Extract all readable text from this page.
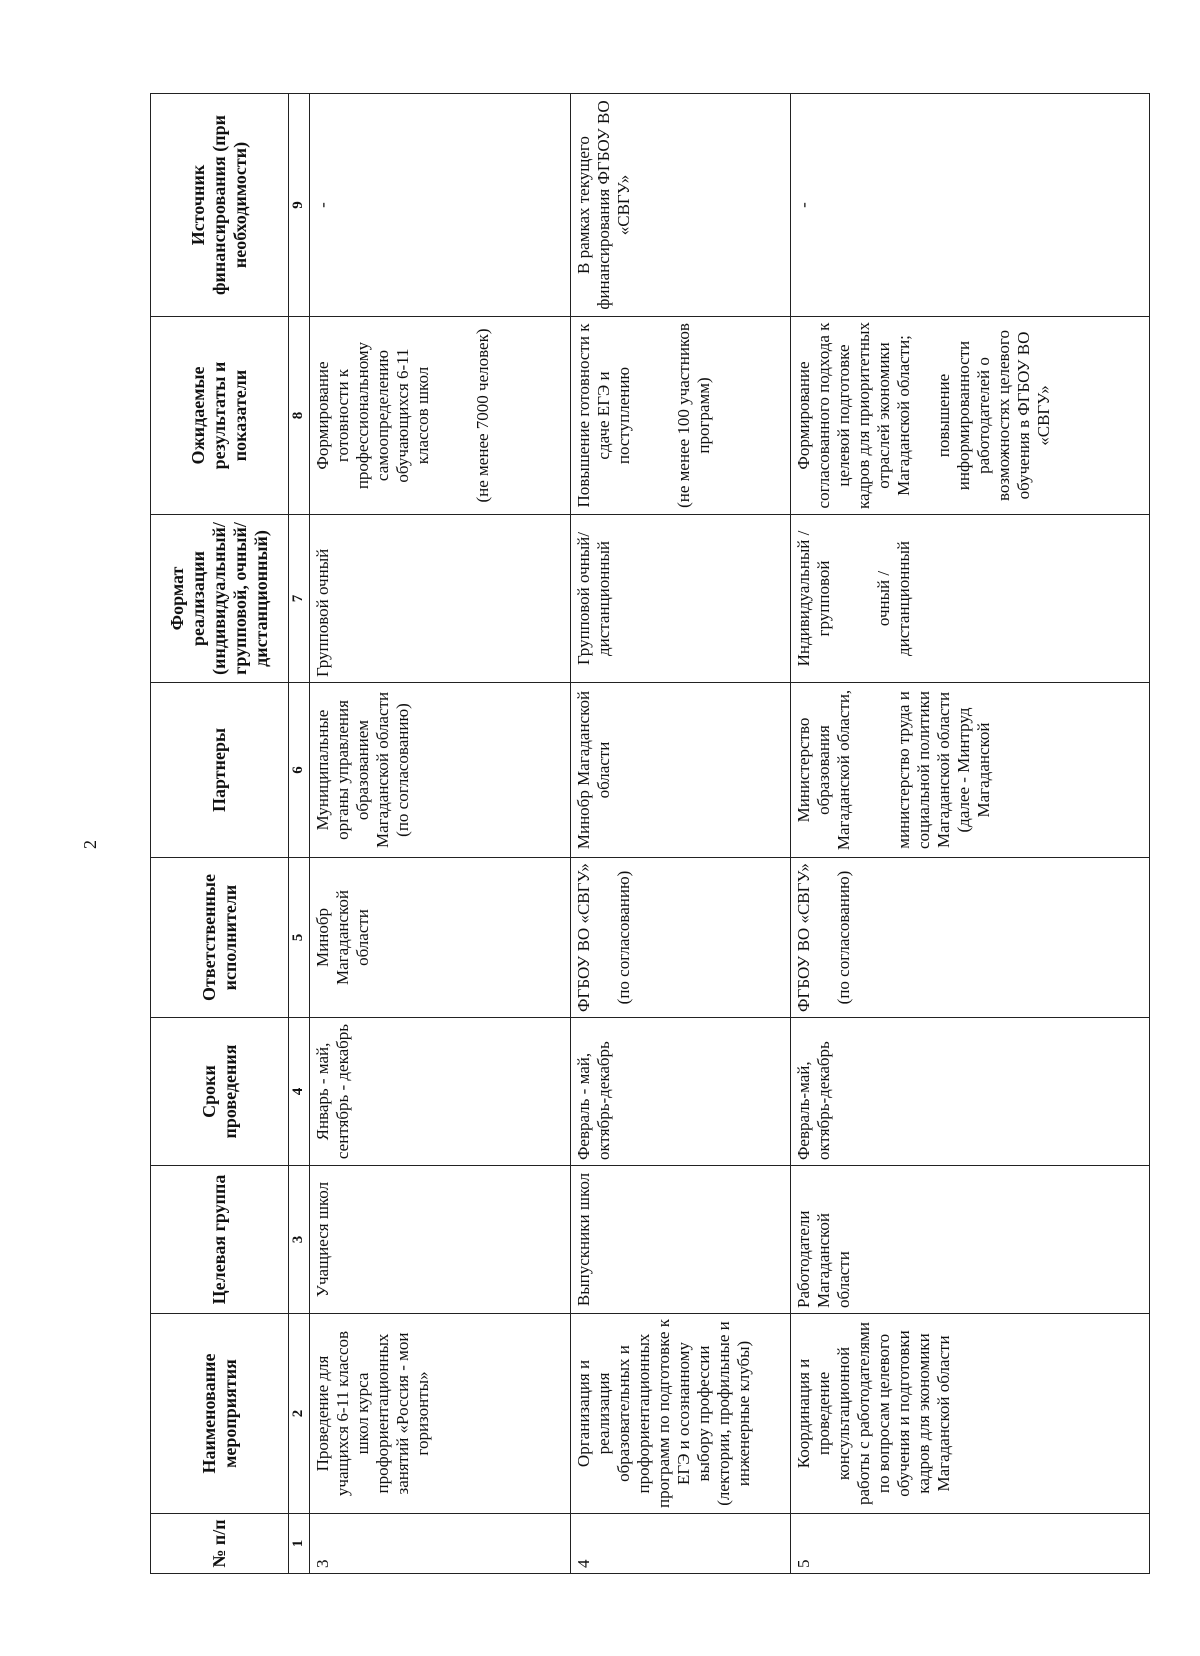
2
№ п/п	Наименование мероприятия	Целевая группа	Сроки проведения	Ответственные исполнители	Партнеры	Формат реализации (индивидуальный/групповой, очный/дистанционный)	Ожидаемые результаты и показатели	Источник финансирования (при необходимости)
1	2	3	4	5	6	7	8	9
3	Проведение для учащихся 6-11 классов школ курса профориентационных занятий «Россия - мои горизонты»	Учащиеся школ	Январь - май, сентябрь - декабрь	Минобр Магаданской области	Муниципальные органы управления образованием Магаданской области (по согласованию)	Групповой очный	Формирование готовности к профессиональному самоопределению обучающихся 6-11 классов школ (не менее 7000 человек)	-
4	Организация и реализация образовательных и профориентационных программ по подготовке к ЕГЭ и осознанному выбору профессии (лектории, профильные и инженерные клубы)	Выпускники школ	Февраль - май, октябрь-декабрь	ФГБОУ ВО «СВГУ» (по согласованию)	Минобр Магаданской области	Групповой очный/дистанционный	Повышение готовности к сдаче ЕГЭ и поступлению (не менее 100 участников программ)	В рамках текущего финансирования ФГБОУ ВО «СВГУ»
5	Координация и проведение консультационной работы с работодателями по вопросам целевого обучения и подготовки кадров для экономики Магаданской области	Работодатели Магаданской области	Февраль-май, октябрь-декабрь	ФГБОУ ВО «СВГУ» (по согласованию)	Министерство образования Магаданской области, министерство труда и социальной политики Магаданской области (далее - Минтруд Магаданской	Индивидуальный /групповой очный / дистанционный	Формирование согласованного подхода к целевой подготовке кадров для приоритетных отраслей экономики Магаданской области; повышение информированности работодателей о возможностях целевого обучения в ФГБОУ ВО «СВГУ»	-
